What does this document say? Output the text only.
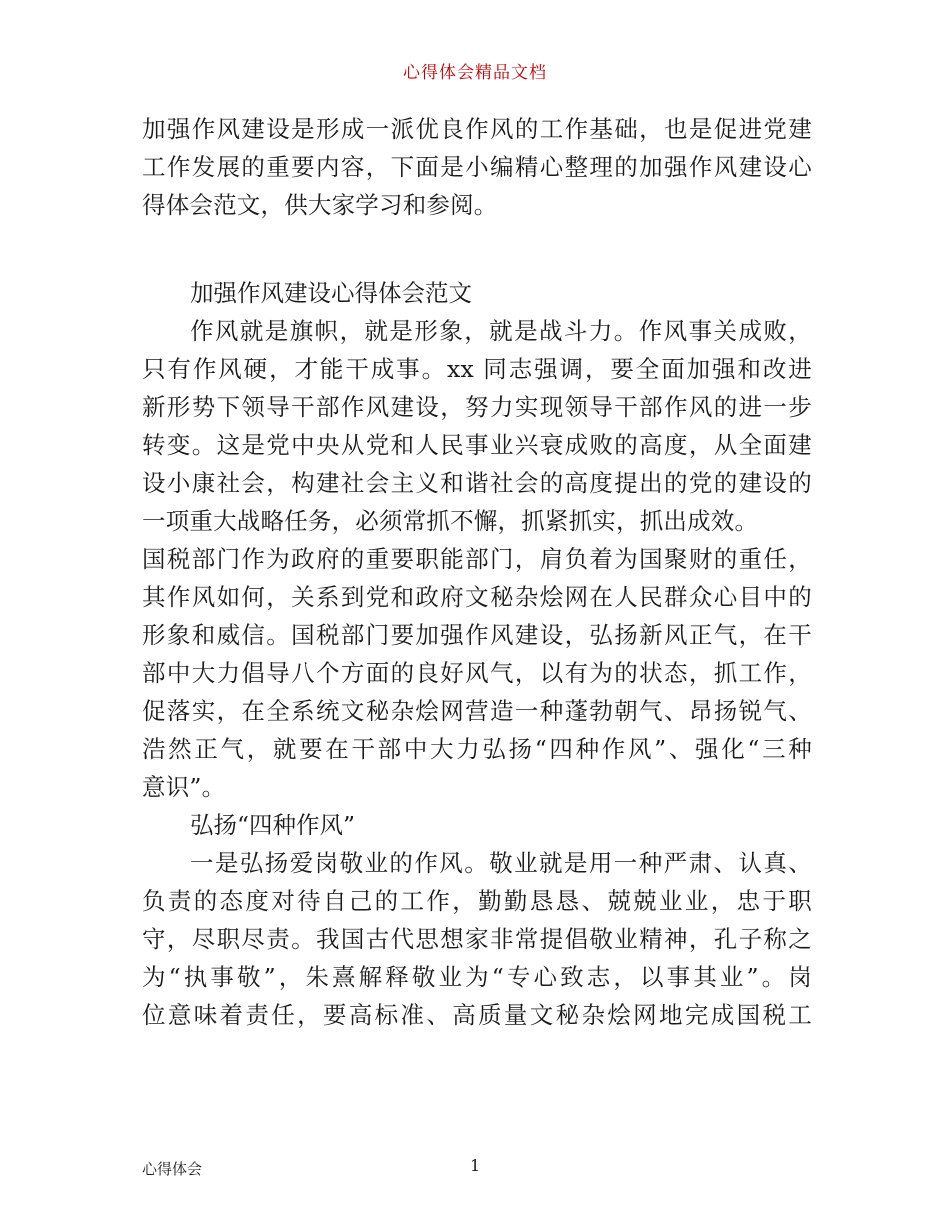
心得体会精品文档
加强作风建设是形成一派优良作风的工作基础，也是促进党建
工作发展的重要内容，下面是小编精心整理的加强作风建设心
得体会范文，供大家学习和参阅。
加强作风建设心得体会范文
作风就是旗帜，就是形象，就是战斗力。作风事关成败，
只有作风硬，才能干成事。xx 同志强调，要全面加强和改进
新形势下领导干部作风建设，努力实现领导干部作风的进一步
转变。这是党中央从党和人民事业兴衰成败的高度，从全面建
设小康社会，构建社会主义和谐社会的高度提出的党的建设的
一项重大战略任务，必须常抓不懈，抓紧抓实，抓出成效。
国税部门作为政府的重要职能部门，肩负着为国聚财的重任，
其作风如何，关系到党和政府文秘杂烩网在人民群众心目中的
形象和威信。国税部门要加强作风建设，弘扬新风正气，在干
部中大力倡导八个方面的良好风气，以有为的状态，抓工作，
促落实，在全系统文秘杂烩网营造一种蓬勃朝气、昂扬锐气、
浩然正气，就要在干部中大力弘扬“四种作风”、强化“三种
意识”。
弘扬“四种作风”
一是弘扬爱岗敬业的作风。敬业就是用一种严肃、认真、
负责的态度对待自己的工作，勤勤恳恳、兢兢业业，忠于职
守，尽职尽责。我国古代思想家非常提倡敬业精神，孔子称之
为“执事敬”，朱熹解释敬业为“专心致志，以事其业”。岗
位意味着责任，要高标准、高质量文秘杂烩网地完成国税工
心得体会	1
